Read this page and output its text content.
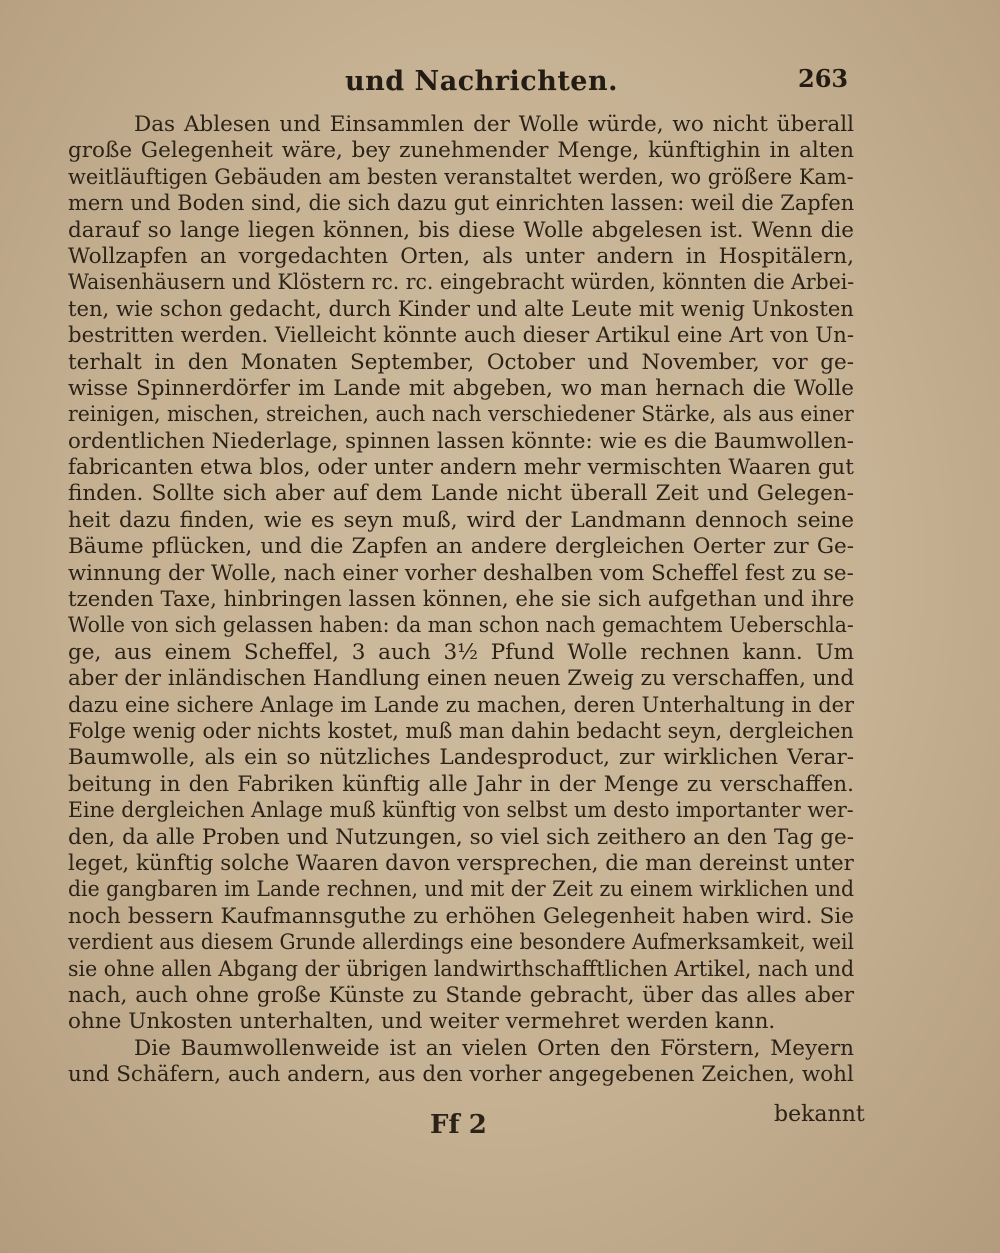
und Nachrichten.	263
Das Ablesen und Einsammlen der Wolle würde, wo nicht überall
große Gelegenheit wäre, bey zunehmender Menge, künftighin in alten
weitläuftigen Gebäuden am besten veranstaltet werden, wo größere Kam-
mern und Boden sind, die sich dazu gut einrichten lassen: weil die Zapfen
darauf so lange liegen können, bis diese Wolle abgelesen ist. Wenn die
Wollzapfen an vorgedachten Orten, als unter andern in Hospitälern,
Waisenhäusern und Klöstern rc. rc. eingebracht würden, könnten die Arbei-
ten, wie schon gedacht, durch Kinder und alte Leute mit wenig Unkosten
bestritten werden. Vielleicht könnte auch dieser Artikul eine Art von Un-
terhalt in den Monaten September, October und November, vor ge-
wisse Spinnerdörfer im Lande mit abgeben, wo man hernach die Wolle
reinigen, mischen, streichen, auch nach verschiedener Stärke, als aus einer
ordentlichen Niederlage, spinnen lassen könnte: wie es die Baumwollen-
fabricanten etwa blos, oder unter andern mehr vermischten Waaren gut
finden. Sollte sich aber auf dem Lande nicht überall Zeit und Gelegen-
heit dazu finden, wie es seyn muß, wird der Landmann dennoch seine
Bäume pflücken, und die Zapfen an andere dergleichen Oerter zur Ge-
winnung der Wolle, nach einer vorher deshalben vom Scheffel fest zu se-
tzenden Taxe, hinbringen lassen können, ehe sie sich aufgethan und ihre
Wolle von sich gelassen haben: da man schon nach gemachtem Ueberschla-
ge, aus einem Scheffel, 3 auch 3½ Pfund Wolle rechnen kann. Um
aber der inländischen Handlung einen neuen Zweig zu verschaffen, und
dazu eine sichere Anlage im Lande zu machen, deren Unterhaltung in der
Folge wenig oder nichts kostet, muß man dahin bedacht seyn, dergleichen
Baumwolle, als ein so nützliches Landesproduct, zur wirklichen Verar-
beitung in den Fabriken künftig alle Jahr in der Menge zu verschaffen.
Eine dergleichen Anlage muß künftig von selbst um desto importanter wer-
den, da alle Proben und Nutzungen, so viel sich zeithero an den Tag ge-
leget, künftig solche Waaren davon versprechen, die man dereinst unter
die gangbaren im Lande rechnen, und mit der Zeit zu einem wirklichen und
noch bessern Kaufmannsguthe zu erhöhen Gelegenheit haben wird. Sie
verdient aus diesem Grunde allerdings eine besondere Aufmerksamkeit, weil
sie ohne allen Abgang der übrigen landwirthschafftlichen Artikel, nach und
nach, auch ohne große Künste zu Stande gebracht, über das alles aber
ohne Unkosten unterhalten, und weiter vermehret werden kann.
Die Baumwollenweide ist an vielen Orten den Förstern, Meyern
und Schäfern, auch andern, aus den vorher angegebenen Zeichen, wohl
Ff 2	bekannt
